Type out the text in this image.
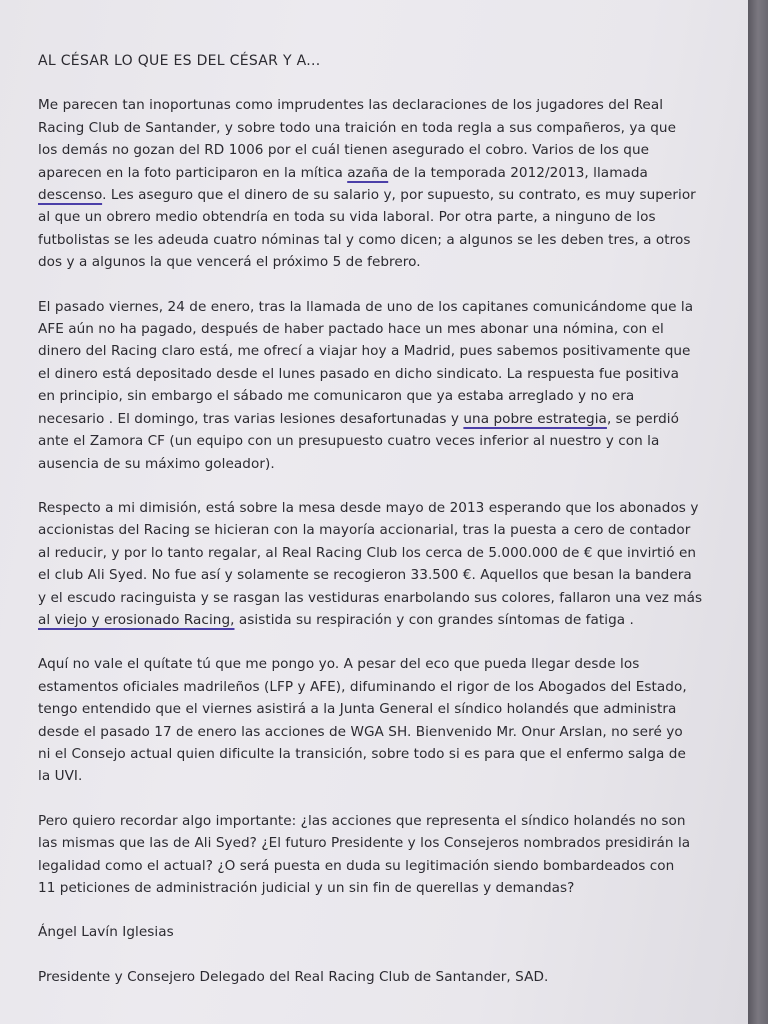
AL CÉSAR LO QUE ES DEL CÉSAR Y A...
Me parecen tan inoportunas como imprudentes las declaraciones de los jugadores del Real
Racing Club de Santander, y sobre todo una traición en toda regla a sus compañeros, ya que
los demás no gozan del RD 1006 por el cuál tienen asegurado el cobro. Varios de los que
aparecen en la foto participaron en la mítica azaña de la temporada 2012/2013, llamada
descenso. Les aseguro que el dinero de su salario y, por supuesto, su contrato, es muy superior
al que un obrero medio obtendría en toda su vida laboral. Por otra parte, a ninguno de los
futbolistas se les adeuda cuatro nóminas tal y como dicen; a algunos se les deben tres, a otros
dos y a algunos la que vencerá el próximo 5 de febrero.
El pasado viernes, 24 de enero, tras la llamada de uno de los capitanes comunicándome que la
AFE aún no ha pagado, después de haber pactado hace un mes abonar una nómina, con el
dinero del Racing claro está, me ofrecí a viajar hoy a Madrid, pues sabemos positivamente que
el dinero está depositado desde el lunes pasado en dicho sindicato. La respuesta fue positiva
en principio, sin embargo el sábado me comunicaron que ya estaba arreglado y no era
necesario . El domingo, tras varias lesiones desafortunadas y una pobre estrategia, se perdió
ante el Zamora CF (un equipo con un presupuesto cuatro veces inferior al nuestro y con la
ausencia de su máximo goleador).
Respecto a mi dimisión, está sobre la mesa desde mayo de 2013 esperando que los abonados y
accionistas del Racing se hicieran con la mayoría accionarial, tras la puesta a cero de contador
al reducir, y por lo tanto regalar, al Real Racing Club los cerca de 5.000.000 de € que invirtió en
el club Ali Syed. No fue así y solamente se recogieron 33.500 €. Aquellos que besan la bandera
y el escudo racinguista y se rasgan las vestiduras enarbolando sus colores, fallaron una vez más
al viejo y erosionado Racing, asistida su respiración y con grandes síntomas de fatiga .
Aquí no vale el quítate tú que me pongo yo. A pesar del eco que pueda llegar desde los
estamentos oficiales madrileños (LFP y AFE), difuminando el rigor de los Abogados del Estado,
tengo entendido que el viernes asistirá a la Junta General el síndico holandés que administra
desde el pasado 17 de enero las acciones de WGA SH. Bienvenido Mr. Onur Arslan, no seré yo
ni el Consejo actual quien dificulte la transición, sobre todo si es para que el enfermo salga de
la UVI.
Pero quiero recordar algo importante: ¿las acciones que representa el síndico holandés no son
las mismas que las de Ali Syed? ¿El futuro Presidente y los Consejeros nombrados presidirán la
legalidad como el actual? ¿O será puesta en duda su legitimación siendo bombardeados con
11 peticiones de administración judicial y un sin fin de querellas y demandas?
Ángel Lavín Iglesias
Presidente y Consejero Delegado del Real Racing Club de Santander, SAD.
